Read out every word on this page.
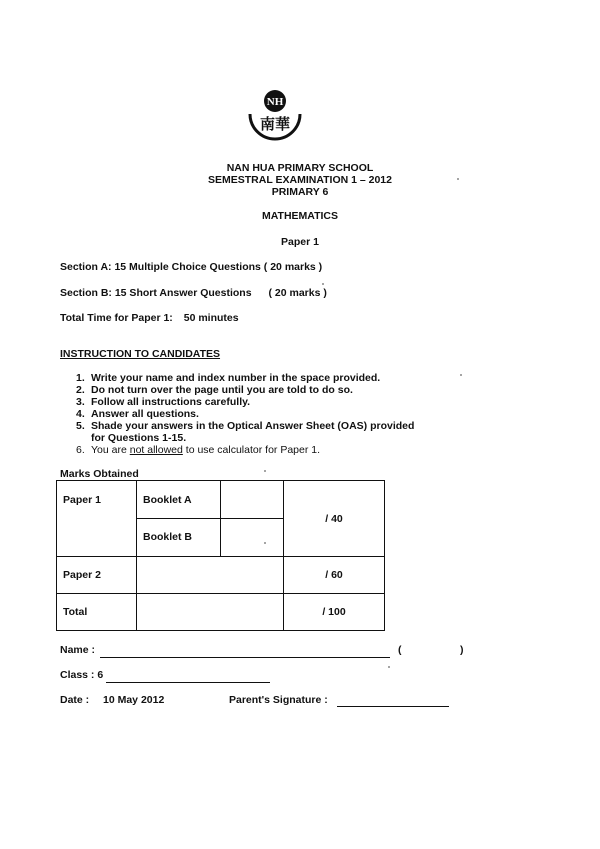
NH
南華
NAN HUA PRIMARY SCHOOL
SEMESTRAL EXAMINATION 1 – 2012
PRIMARY 6
MATHEMATICS
Paper 1
Section A: 15 Multiple Choice Questions ( 20 marks )
Section B: 15 Short Answer Questions ( 20 marks )
Total Time for Paper 1: 50 minutes
INSTRUCTION TO CANDIDATES
1. Write your name and index number in the space provided.
2. Do not turn over the page until you are told to do so.
3. Follow all instructions carefully.
4. Answer all questions.
5. Shade your answers in the Optical Answer Sheet (OAS) provided
for Questions 1-15.
6. You are not allowed to use calculator for Paper 1.
Marks Obtained
Paper 1	Booklet A		/ 40
	Booklet B		
Paper 2			/ 60
Total			/ 100
Name :	(	)
Class : 6
Date : 10 May 2012	Parent's Signature :
